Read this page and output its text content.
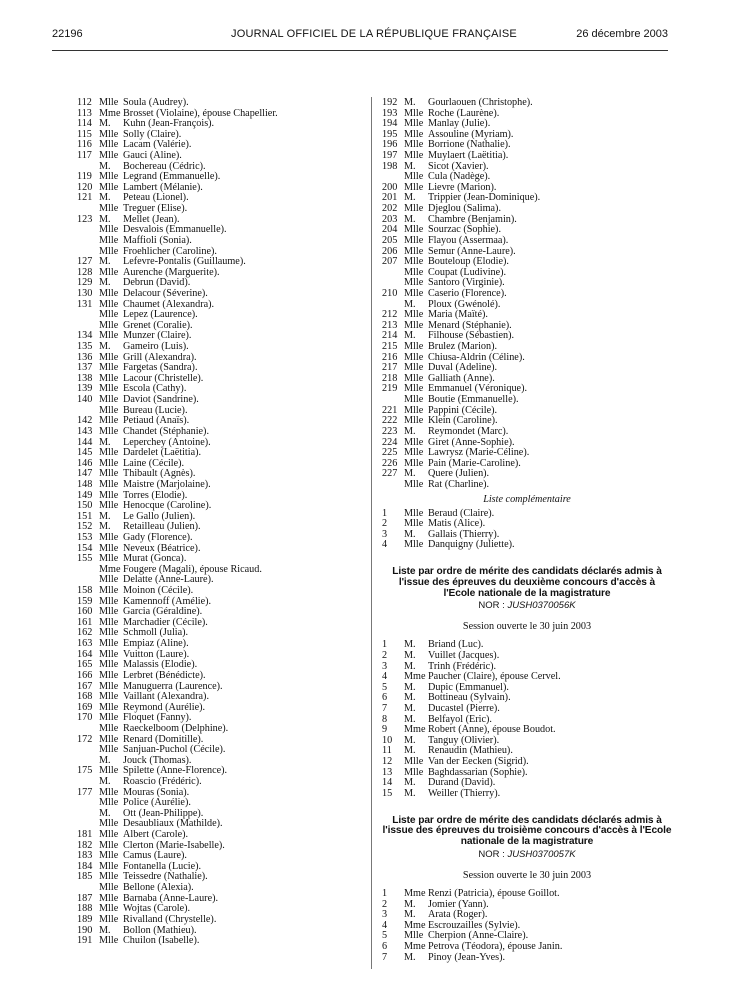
22196	JOURNAL OFFICIEL DE LA RÉPUBLIQUE FRANÇAISE	26 décembre 2003
112 Mlle Soula (Audrey).
113 Mme Brosset (Violaine), épouse Chapellier.
114 M.	Kuhn (Jean-François).
115 Mlle Solly (Claire).
116 Mlle Lacam (Valérie).
117 Mlle Gauci (Aline).
M.	Bochereau (Cédric).
119 Mlle Legrand (Emmanuelle).
120 Mlle Lambert (Mélanie).
121 M.	Peteau (Lionel).
Mlle Treguer (Elise).
123 M.	Mellet (Jean).
Mlle Desvalois (Emmanuelle).
Mlle Maffioli (Sonia).
Mlle Froehlicher (Caroline).
127 M.	Lefevre-Pontalis (Guillaume).
128 Mlle Aurenche (Marguerite).
129 M.	Debrun (David).
130 Mlle Delacour (Séverine).
131 Mlle Chaumet (Alexandra).
Mlle Lepez (Laurence).
Mlle Grenet (Coralie).
134 Mlle Munzer (Claire).
135 M.	Gameiro (Luis).
136 Mlle Grill (Alexandra).
137 Mlle Fargetas (Sandra).
138 Mlle Lacour (Christelle).
139 Mlle Escola (Cathy).
140 Mlle Daviot (Sandrine).
Mlle Bureau (Lucie).
142 Mlle Petiaud (Anaïs).
143 Mlle Chandet (Stéphanie).
144 M.	Leperchey (Antoine).
145 Mlle Dardelet (Laëtitia).
146 Mlle Laine (Cécile).
147 Mlle Thibault (Agnès).
148 Mlle Maistre (Marjolaine).
149 Mlle Torres (Elodie).
150 Mlle Henocque (Caroline).
151 M.	Le Gallo (Julien).
152 M.	Retailleau (Julien).
153 Mlle Gady (Florence).
154 Mlle Neveux (Béatrice).
155 Mlle Murat (Gonca).
Mme Fougere (Magali), épouse Ricaud.
Mlle Delatte (Anne-Laure).
158 Mlle Moinon (Cécile).
159 Mlle Kamennoff (Amélie).
160 Mlle Garcia (Géraldine).
161 Mlle Marchadier (Cécile).
162 Mlle Schmoll (Julia).
163 Mlle Empiaz (Aline).
164 Mlle Vuitton (Laure).
165 Mlle Malassis (Elodie).
166 Mlle Lerbret (Bénédicte).
167 Mlle Manuguerra (Laurence).
168 Mlle Vaillant (Alexandra).
169 Mlle Reymond (Aurélie).
170 Mlle Floquet (Fanny).
Mlle Raeckelboom (Delphine).
172 Mlle Renard (Domitille).
Mlle Sanjuan-Puchol (Cécile).
M.	Jouck (Thomas).
175 Mlle Spilette (Anne-Florence).
M.	Roascio (Frédéric).
177 Mlle Mouras (Sonia).
Mlle Police (Aurélie).
M.	Ott (Jean-Philippe).
Mlle Desaubliaux (Mathilde).
181 Mlle Albert (Carole).
182 Mlle Clerton (Marie-Isabelle).
183 Mlle Camus (Laure).
184 Mlle Fontanella (Lucie).
185 Mlle Teissedre (Nathalie).
Mlle Bellone (Alexia).
187 Mlle Barnaba (Anne-Laure).
188 Mlle Wojtas (Carole).
189 Mlle Rivalland (Chrystelle).
190 M.	Bollon (Mathieu).
191 Mlle Chuilon (Isabelle).
192 M.	Gourlaouen (Christophe).
193 Mlle Roche (Laurène).
194 Mlle Manlay (Julie).
195 Mlle Assouline (Myriam).
196 Mlle Borrione (Nathalie).
197 Mlle Muylaert (Laëtitia).
198 M.	Sicot (Xavier).
Mlle Cula (Nadège).
200 Mlle Lievre (Marion).
201 M.	Trippier (Jean-Dominique).
202 Mlle Djeglou (Salima).
203 M.	Chambre (Benjamin).
204 Mlle Sourzac (Sophie).
205 Mlle Flayou (Assermaa).
206 Mlle Semur (Anne-Laure).
207 Mlle Bouteloup (Elodie).
Mlle Coupat (Ludivine).
Mlle Santoro (Virginie).
210 Mlle Caserio (Florence).
M.	Ploux (Gwénolé).
212 Mlle Maria (Maïté).
213 Mlle Menard (Stéphanie).
214 M.	Filhouse (Sébastien).
215 Mlle Brulez (Marion).
216 Mlle Chiusa-Aldrin (Céline).
217 Mlle Duval (Adeline).
218 Mlle Galliath (Anne).
219 Mlle Emmanuel (Véronique).
Mlle Boutie (Emmanuelle).
221 Mlle Pappini (Cécile).
222 Mlle Klein (Caroline).
223 M.	Reymondet (Marc).
224 Mlle Giret (Anne-Sophie).
225 Mlle Lawrysz (Marie-Céline).
226 Mlle Pain (Marie-Caroline).
227 M.	Quere (Julien).
Mlle Rat (Charline).
Liste complémentaire
1	Mlle Beraud (Claire).
2	Mlle Matis (Alice).
3	M.	Gallais (Thierry).
4	Mlle Danquigny (Juliette).
Liste par ordre de mérite des candidats déclarés admis à l'issue des épreuves du deuxième concours d'accès à l'Ecole nationale de la magistrature
NOR : JUSH0370056K
Session ouverte le 30 juin 2003
1	M.	Briand (Luc).
2	M.	Vuillet (Jacques).
3	M.	Trinh (Frédéric).
4	Mme Paucher (Claire), épouse Cervel.
5	M.	Dupic (Emmanuel).
6	M.	Bottineau (Sylvain).
7	M.	Ducastel (Pierre).
8	M.	Belfayol (Eric).
9	Mme Robert (Anne), épouse Boudot.
10	M.	Tanguy (Olivier).
11	M.	Renaudin (Mathieu).
12	Mlle Van der Eecken (Sigrid).
13	Mlle Baghdassarian (Sophie).
14	M.	Durand (David).
15	M.	Weiller (Thierry).
Liste par ordre de mérite des candidats déclarés admis à l'issue des épreuves du troisième concours d'accès à l'Ecole nationale de la magistrature
NOR : JUSH0370057K
Session ouverte le 30 juin 2003
1	Mme Renzi (Patricia), épouse Goillot.
2	M.	Jomier (Yann).
3	M.	Arata (Roger).
4	Mme Escrouzailles (Sylvie).
5	Mlle Cherpion (Anne-Claire).
6	Mme Petrova (Téodora), épouse Janin.
7	M.	Pinoy (Jean-Yves).
